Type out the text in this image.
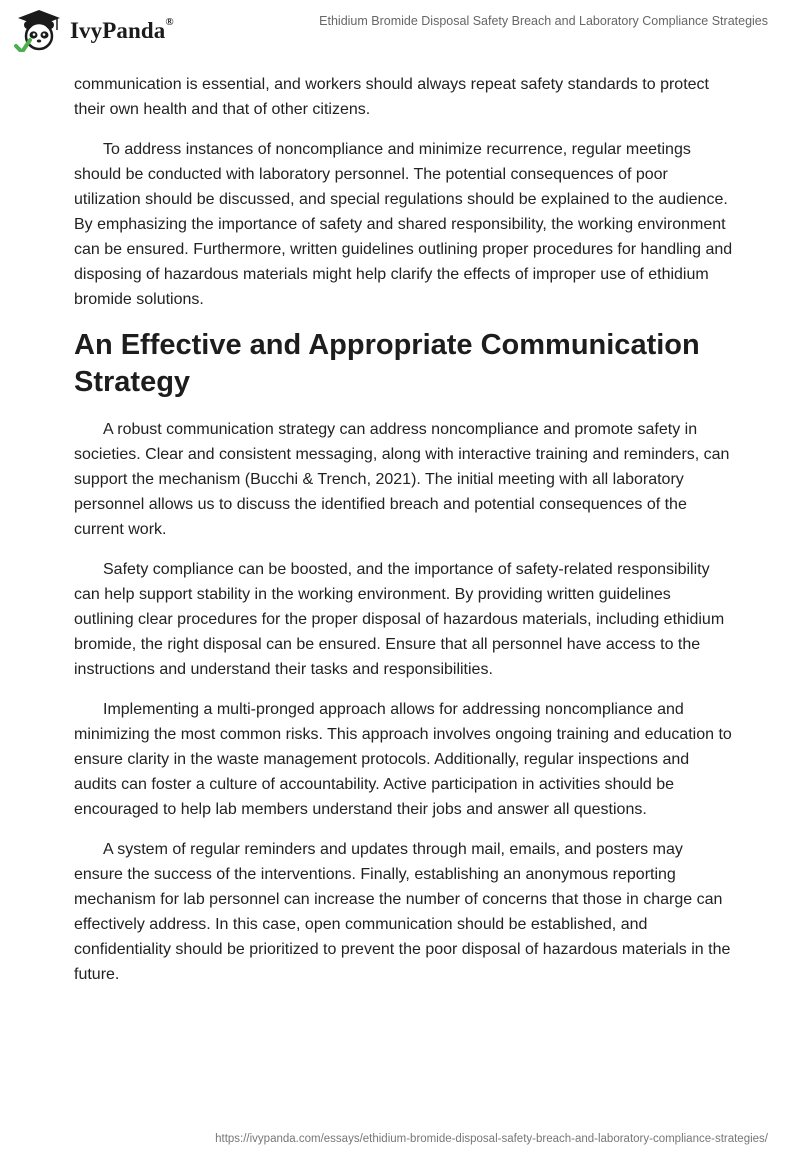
IvyPanda®	Ethidium Bromide Disposal Safety Breach and Laboratory Compliance Strategies

communication is essential, and workers should always repeat safety standards to protect their own health and that of other citizens.

To address instances of noncompliance and minimize recurrence, regular meetings should be conducted with laboratory personnel. The potential consequences of poor utilization should be discussed, and special regulations should be explained to the audience. By emphasizing the importance of safety and shared responsibility, the working environment can be ensured. Furthermore, written guidelines outlining proper procedures for handling and disposing of hazardous materials might help clarify the effects of improper use of ethidium bromide solutions.

An Effective and Appropriate Communication Strategy

A robust communication strategy can address noncompliance and promote safety in societies. Clear and consistent messaging, along with interactive training and reminders, can support the mechanism (Bucchi & Trench, 2021). The initial meeting with all laboratory personnel allows us to discuss the identified breach and potential consequences of the current work.

Safety compliance can be boosted, and the importance of safety-related responsibility can help support stability in the working environment. By providing written guidelines outlining clear procedures for the proper disposal of hazardous materials, including ethidium bromide, the right disposal can be ensured. Ensure that all personnel have access to the instructions and understand their tasks and responsibilities.

Implementing a multi-pronged approach allows for addressing noncompliance and minimizing the most common risks. This approach involves ongoing training and education to ensure clarity in the waste management protocols. Additionally, regular inspections and audits can foster a culture of accountability. Active participation in activities should be encouraged to help lab members understand their jobs and answer all questions.

A system of regular reminders and updates through mail, emails, and posters may ensure the success of the interventions. Finally, establishing an anonymous reporting mechanism for lab personnel can increase the number of concerns that those in charge can effectively address. In this case, open communication should be established, and confidentiality should be prioritized to prevent the poor disposal of hazardous materials in the future.

https://ivypanda.com/essays/ethidium-bromide-disposal-safety-breach-and-laboratory-compliance-strategies/
